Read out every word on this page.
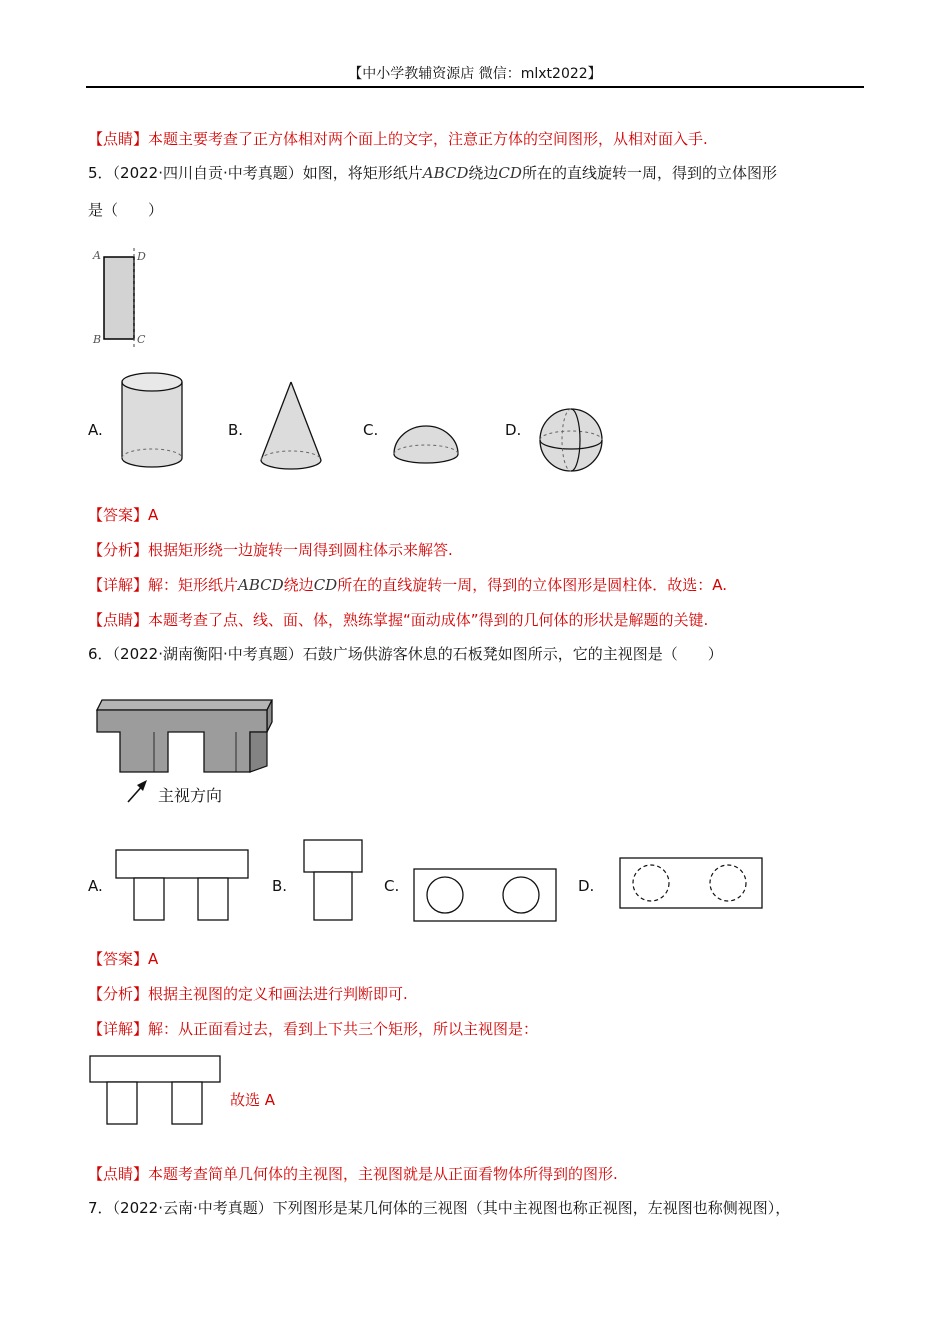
【中小学教辅资源店 微信：mlxt2022】
【点睛】本题主要考查了正方体相对两个面上的文字，注意正方体的空间图形，从相对面入手.
5．（2022·四川自贡·中考真题）如图，将矩形纸片ABCD绕边CD所在的直线旋转一周，得到的立体图形
是（　　）
A	D
B	C
A.	B.	C.	D.
【答案】A
【分析】根据矩形绕一边旋转一周得到圆柱体示来解答.
【详解】解：矩形纸片ABCD绕边CD所在的直线旋转一周，得到的立体图形是圆柱体．故选：A.
【点睛】本题考查了点、线、面、体，熟练掌握“面动成体”得到的几何体的形状是解题的关键.
6．（2022·湖南衡阳·中考真题）石鼓广场供游客休息的石板凳如图所示，它的主视图是（　　）
主视方向
A.	B.	C.	D.
【答案】A
【分析】根据主视图的定义和画法进行判断即可.
【详解】解：从正面看过去，看到上下共三个矩形，所以主视图是：
故选 A
【点睛】本题考查简单几何体的主视图，主视图就是从正面看物体所得到的图形.
7．（2022·云南·中考真题）下列图形是某几何体的三视图（其中主视图也称正视图，左视图也称侧视图），
